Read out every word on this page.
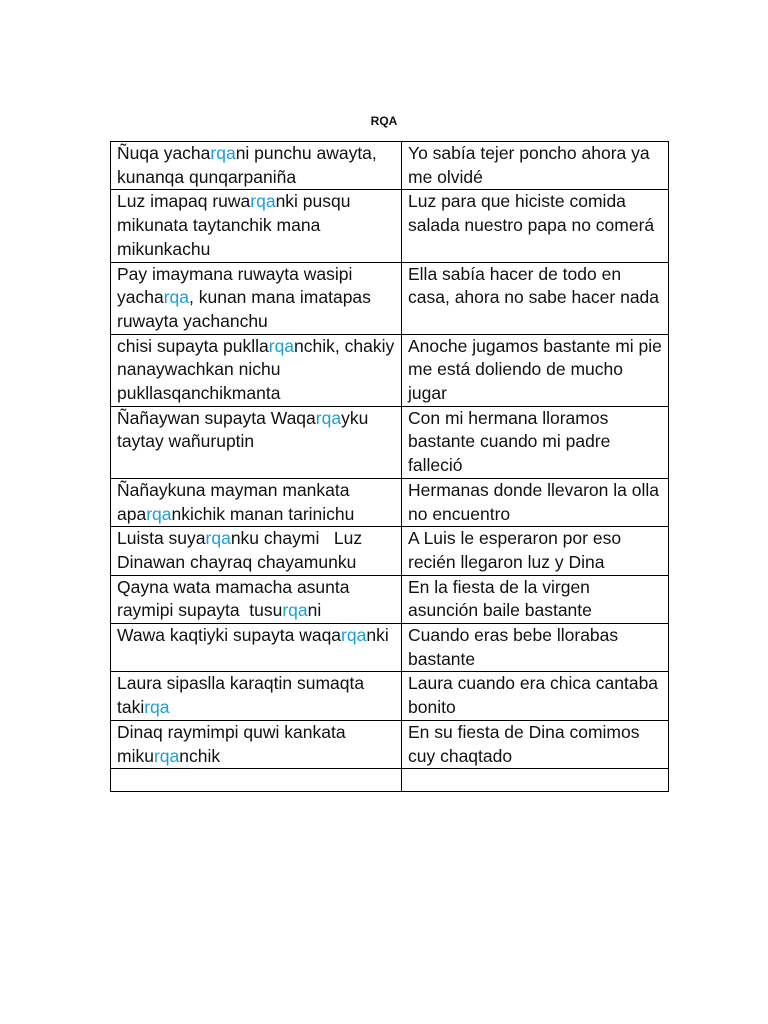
RQA
Ñuqa yacharqani punchu awayta, kunanqa qunqarpaniña	Yo sabía tejer poncho ahora ya me olvidé
Luz imapaq ruwarqanki pusqu mikunata taytanchik mana mikunkachu	Luz para que hiciste comida salada nuestro papa no comerá
Pay imaymana ruwayta wasipi yacharqa, kunan mana imatapas ruwayta yachanchu	Ella sabía hacer de todo en casa, ahora no sabe hacer nada
chisi supayta pukllarqanchik, chakiy nanaywachkan nichu pukllasqanchikmanta	Anoche jugamos bastante mi pie me está doliendo de mucho jugar
Ñañaywan supayta Waqarqayku taytay wañuruptin	Con mi hermana lloramos bastante cuando mi padre falleció
Ñañaykuna mayman mankata aparqankichik manan tarinichu	Hermanas donde llevaron la olla no encuentro
Luista suyarqanku chaymi   Luz Dinawan chayraq chayamunku	A Luis le esperaron por eso recién llegaron luz y Dina
Qayna wata mamacha asunta raymipi supayta  tusurqani	En la fiesta de la virgen asunción baile bastante
Wawa kaqtiyki supayta waqarqanki	Cuando eras bebe llorabas bastante
Laura sipaslla karaqtin sumaqta takirqa	Laura cuando era chica cantaba bonito
Dinaq raymimpi quwi kankata mikurqanchik	En su fiesta de Dina comimos cuy chaqtado
